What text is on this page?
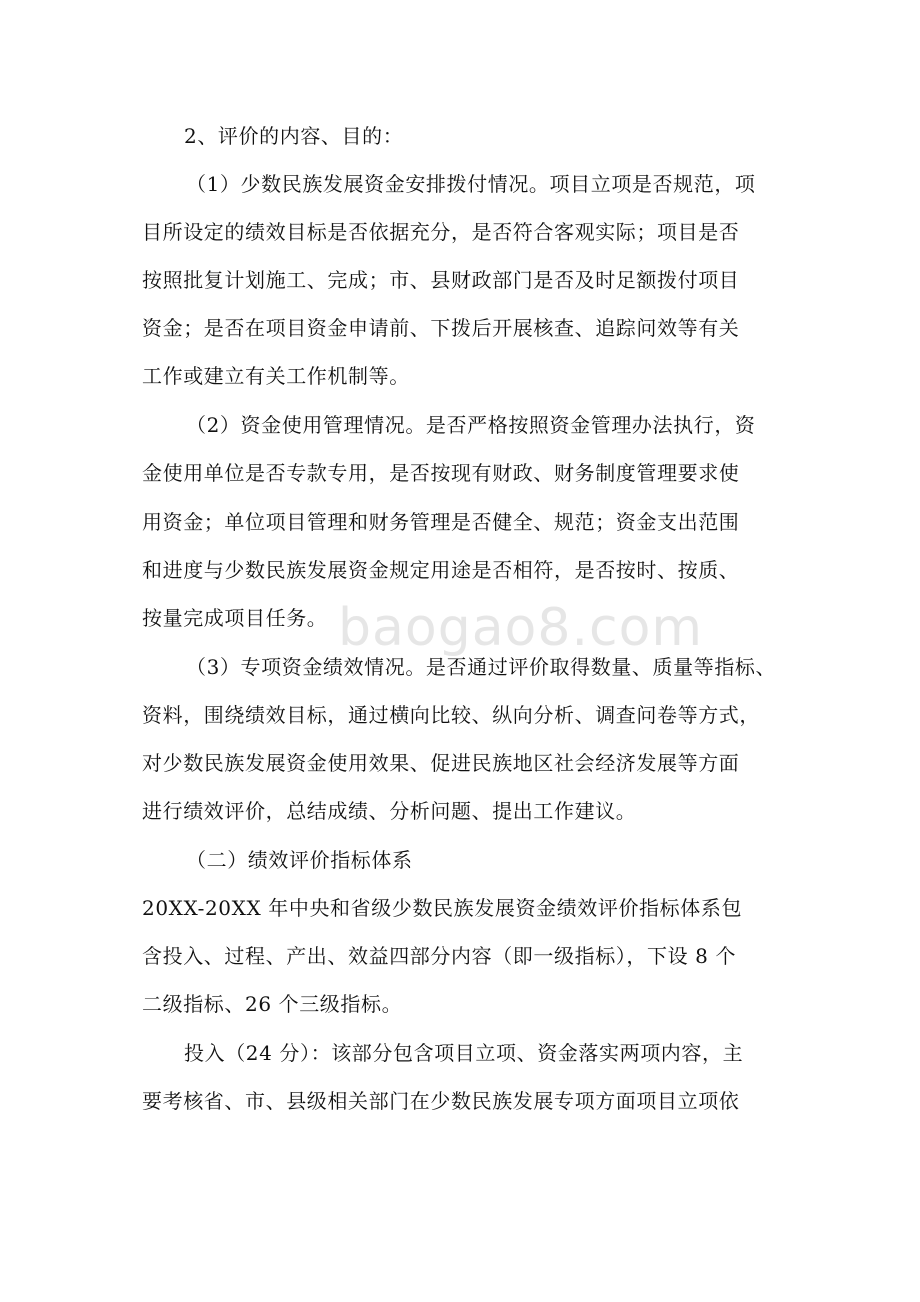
baogao8.com
2、评价的内容、目的：
（1）少数民族发展资金安排拨付情况。项目立项是否规范，项
目所设定的绩效目标是否依据充分，是否符合客观实际；项目是否
按照批复计划施工、完成；市、县财政部门是否及时足额拨付项目
资金；是否在项目资金申请前、下拨后开展核查、追踪问效等有关
工作或建立有关工作机制等。
（2）资金使用管理情况。是否严格按照资金管理办法执行，资
金使用单位是否专款专用，是否按现有财政、财务制度管理要求使
用资金；单位项目管理和财务管理是否健全、规范；资金支出范围
和进度与少数民族发展资金规定用途是否相符，是否按时、按质、
按量完成项目任务。
（3）专项资金绩效情况。是否通过评价取得数量、质量等指标、
资料，围绕绩效目标，通过横向比较、纵向分析、调查问卷等方式，
对少数民族发展资金使用效果、促进民族地区社会经济发展等方面
进行绩效评价，总结成绩、分析问题、提出工作建议。
（二）绩效评价指标体系
20XX-20XX 年中央和省级少数民族发展资金绩效评价指标体系包
含投入、过程、产出、效益四部分内容（即一级指标），下设 8 个
二级指标、26 个三级指标。
投入（24 分）：该部分包含项目立项、资金落实两项内容，主
要考核省、市、县级相关部门在少数民族发展专项方面项目立项依
